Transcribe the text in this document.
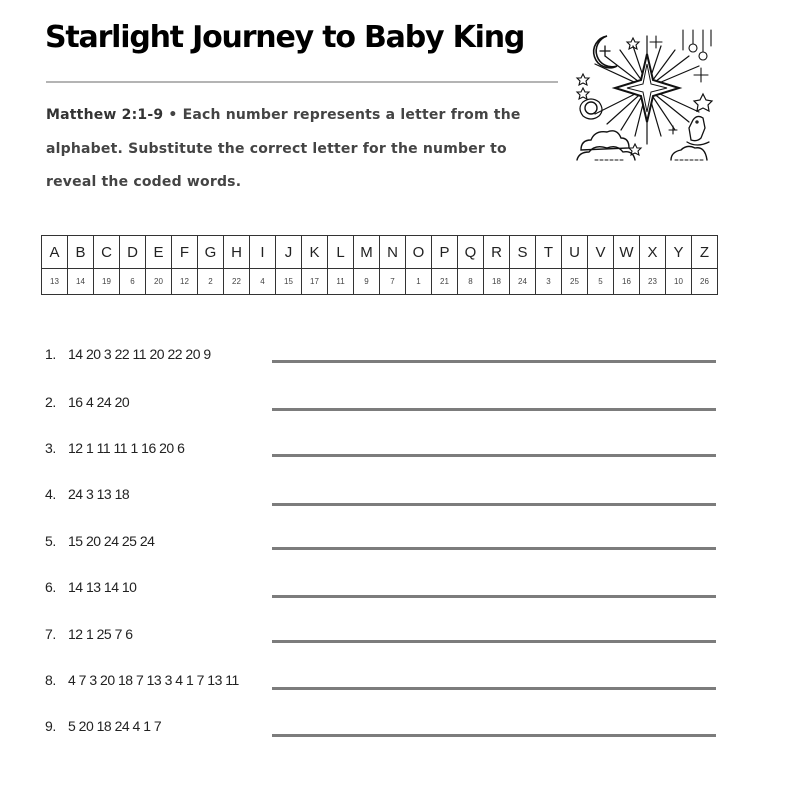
Starlight Journey to Baby King
Matthew 2:1-9 • Each number represents a letter from the
alphabet. Substitute the correct letter for the number to
reveal the coded words.
A	B	C	D	E	F	G	H	I	J	K	L	M	N	O	P	Q	R	S	T	U	V	W	X	Y	Z
13	14	19	6	20	12	2	22	4	15	17	11	9	7	1	21	8	18	24	3	25	5	16	23	10	26
1. 14 20 3 22 11 20 22 20 9
2. 16 4 24 20
3. 12 1 11 11 1 16 20 6
4. 24 3 13 18
5. 15 20 24 25 24
6. 14 13 14 10
7. 12 1 25 7 6
8. 4 7 3 20 18 7 13 3 4 1 7 13 11
9. 5 20 18 24 4 1 7
